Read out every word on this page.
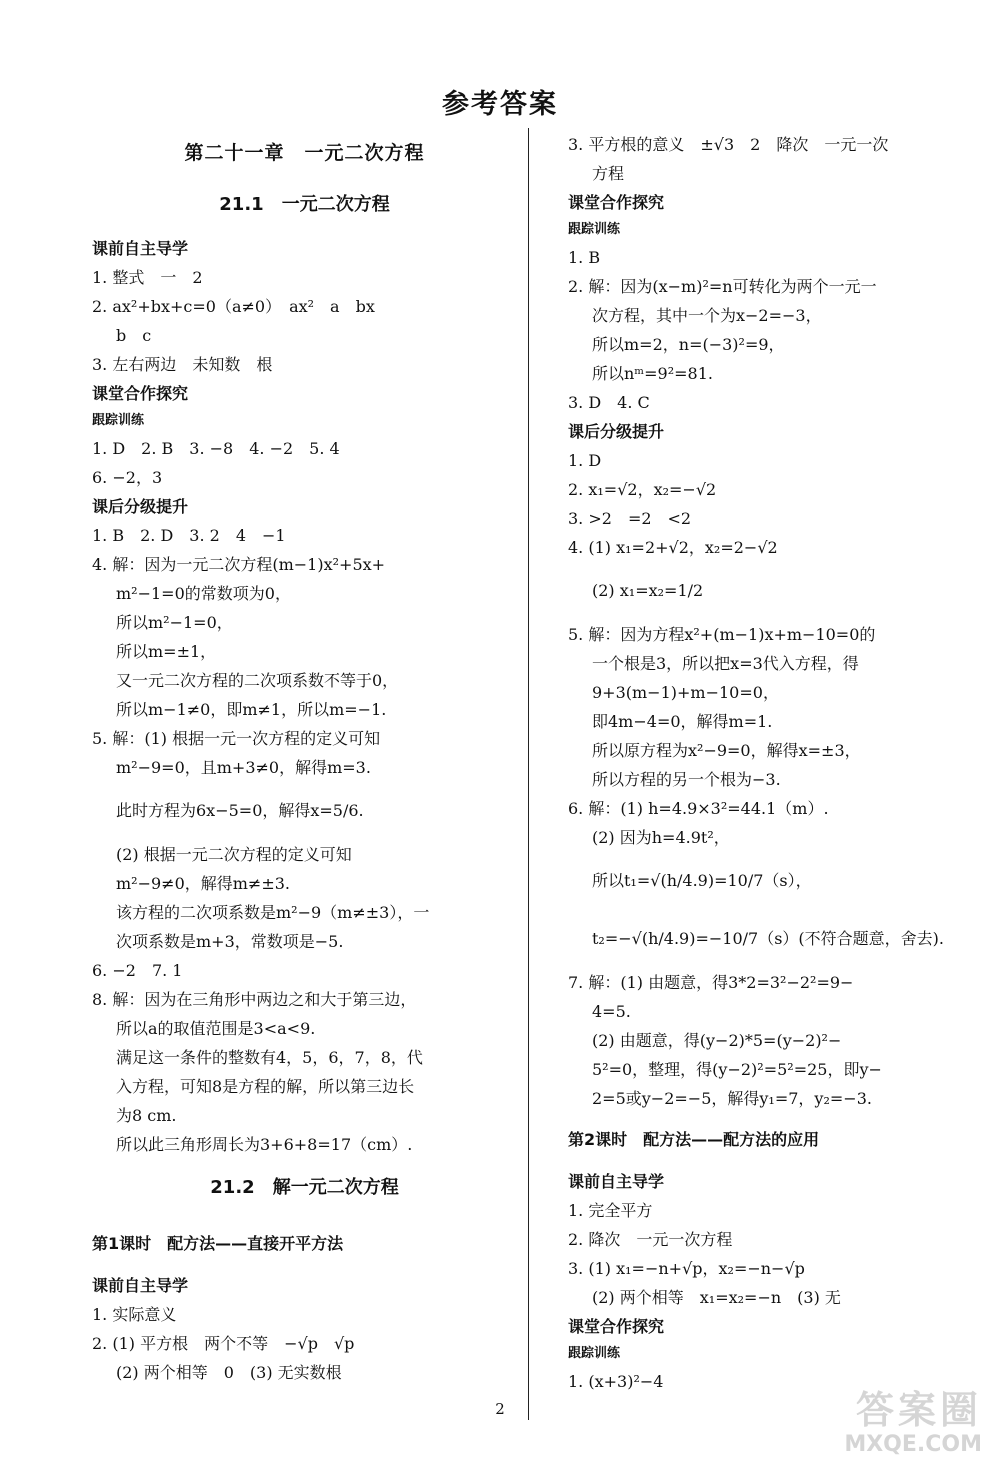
参考答案
第二十一章　一元二次方程
21.1　一元二次方程
课前自主导学
1. 整式　一　2
2. ax²+bx+c=0（a≠0）　ax²　a　bx
b　c
3. 左右两边　未知数　根
课堂合作探究
跟踪训练
1. D　2. B　3. −8　4. −2　5. 4
6. −2，3
课后分级提升
1. B　2. D　3. 2　4　−1
4. 解：因为一元二次方程(m−1)x²+5x+
m²−1=0的常数项为0，
所以m²−1=0，
所以m=±1，
又一元二次方程的二次项系数不等于0，
所以m−1≠0，即m≠1，所以m=−1.
5. 解：(1) 根据一元一次方程的定义可知
m²−9=0，且m+3≠0，解得m=3.
此时方程为6x−5=0，解得x=5/6.
(2) 根据一元二次方程的定义可知
m²−9≠0，解得m≠±3.
该方程的二次项系数是m²−9（m≠±3），一
次项系数是m+3，常数项是−5.
6. −2　7. 1
8. 解：因为在三角形中两边之和大于第三边，
所以a的取值范围是3<a<9.
满足这一条件的整数有4，5，6，7，8，代
入方程，可知8是方程的解，所以第三边长
为8 cm.
所以此三角形周长为3+6+8=17（cm）.
21.2　解一元二次方程
第1课时　配方法——直接开平方法
课前自主导学
1. 实际意义
2. (1) 平方根　两个不等　−√p　√p
(2) 两个相等　0　(3) 无实数根
3. 平方根的意义　±√3　2　降次　一元一次
方程
课堂合作探究
跟踪训练
1. B
2. 解：因为(x−m)²=n可转化为两个一元一
次方程，其中一个为x−2=−3，
所以m=2，n=(−3)²=9，
所以nᵐ=9²=81.
3. D　4. C
课后分级提升
1. D
2. x₁=√2，x₂=−√2
3. >2　=2　<2
4. (1) x₁=2+√2，x₂=2−√2
(2) x₁=x₂=1/2
5. 解：因为方程x²+(m−1)x+m−10=0的
一个根是3，所以把x=3代入方程，得
9+3(m−1)+m−10=0，
即4m−4=0，解得m=1.
所以原方程为x²−9=0，解得x=±3，
所以方程的另一个根为−3.
6. 解：(1) h=4.9×3²=44.1（m）.
(2) 因为h=4.9t²，
所以t₁=√(h/4.9)=10/7（s），
t₂=−√(h/4.9)=−10/7（s）(不符合题意，舍去).
7. 解：(1) 由题意，得3*2=3²−2²=9−
4=5.
(2) 由题意，得(y−2)*5=(y−2)²−
5²=0，整理，得(y−2)²=5²=25，即y−
2=5或y−2=−5，解得y₁=7，y₂=−3.
第2课时　配方法——配方法的应用
课前自主导学
1. 完全平方
2. 降次　一元一次方程
3. (1) x₁=−n+√p，x₂=−n−√p
(2) 两个相等　x₁=x₂=−n　(3) 无
课堂合作探究
跟踪训练
1. (x+3)²−4
2	答案圈
MXQE.COM
